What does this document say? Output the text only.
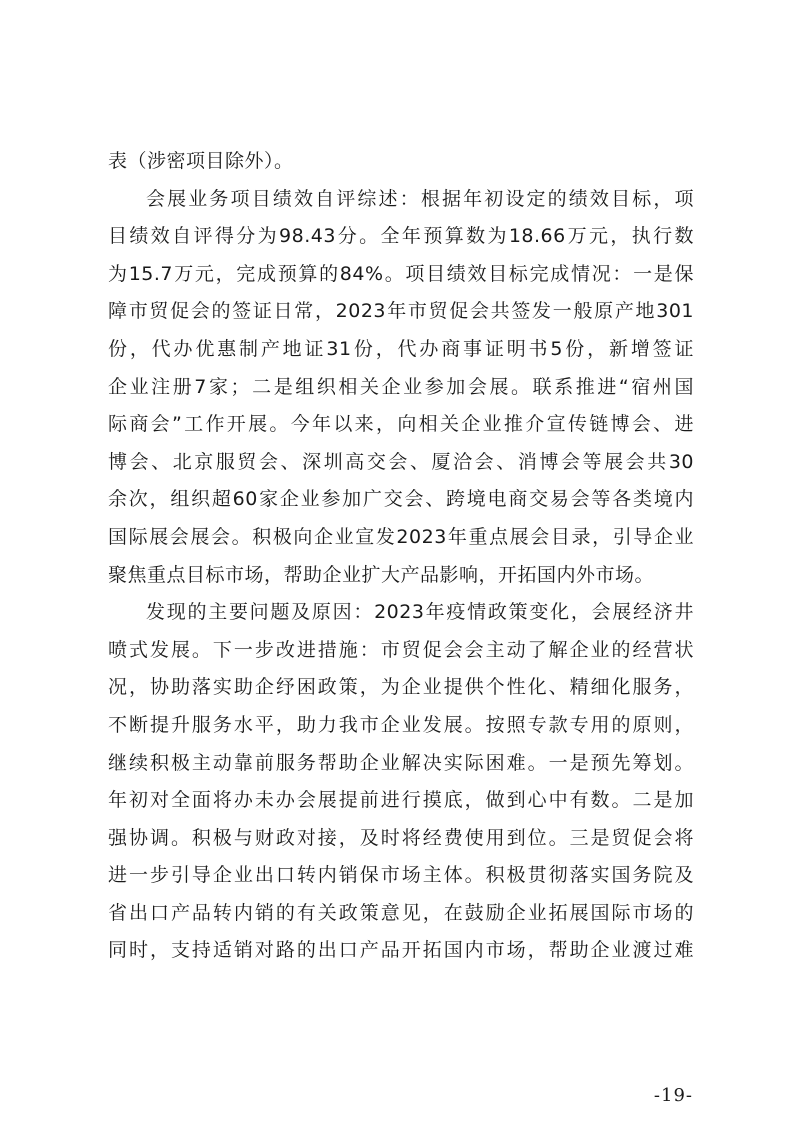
表（涉密项目除外）。
会展业务项目绩效自评综述：根据年初设定的绩效目标，项
目绩效自评得分为98.43分。全年预算数为18.66万元，执行数
为15.7万元，完成预算的84%。项目绩效目标完成情况：一是保
障市贸促会的签证日常，2023年市贸促会共签发一般原产地301
份，代办优惠制产地证31份，代办商事证明书5份，新增签证
企业注册7家；二是组织相关企业参加会展。联系推进“宿州国
际商会”工作开展。今年以来，向相关企业推介宣传链博会、进
博会、北京服贸会、深圳高交会、厦洽会、消博会等展会共30
余次，组织超60家企业参加广交会、跨境电商交易会等各类境内
国际展会展会。积极向企业宣发2023年重点展会目录，引导企业
聚焦重点目标市场，帮助企业扩大产品影响，开拓国内外市场。
发现的主要问题及原因：2023年疫情政策变化，会展经济井
喷式发展。下一步改进措施：市贸促会会主动了解企业的经营状
况，协助落实助企纾困政策，为企业提供个性化、精细化服务，
不断提升服务水平，助力我市企业发展。按照专款专用的原则，
继续积极主动靠前服务帮助企业解决实际困难。一是预先筹划。
年初对全面将办未办会展提前进行摸底，做到心中有数。二是加
强协调。积极与财政对接，及时将经费使用到位。三是贸促会将
进一步引导企业出口转内销保市场主体。积极贯彻落实国务院及
省出口产品转内销的有关政策意见，在鼓励企业拓展国际市场的
同时，支持适销对路的出口产品开拓国内市场，帮助企业渡过难
-19-
